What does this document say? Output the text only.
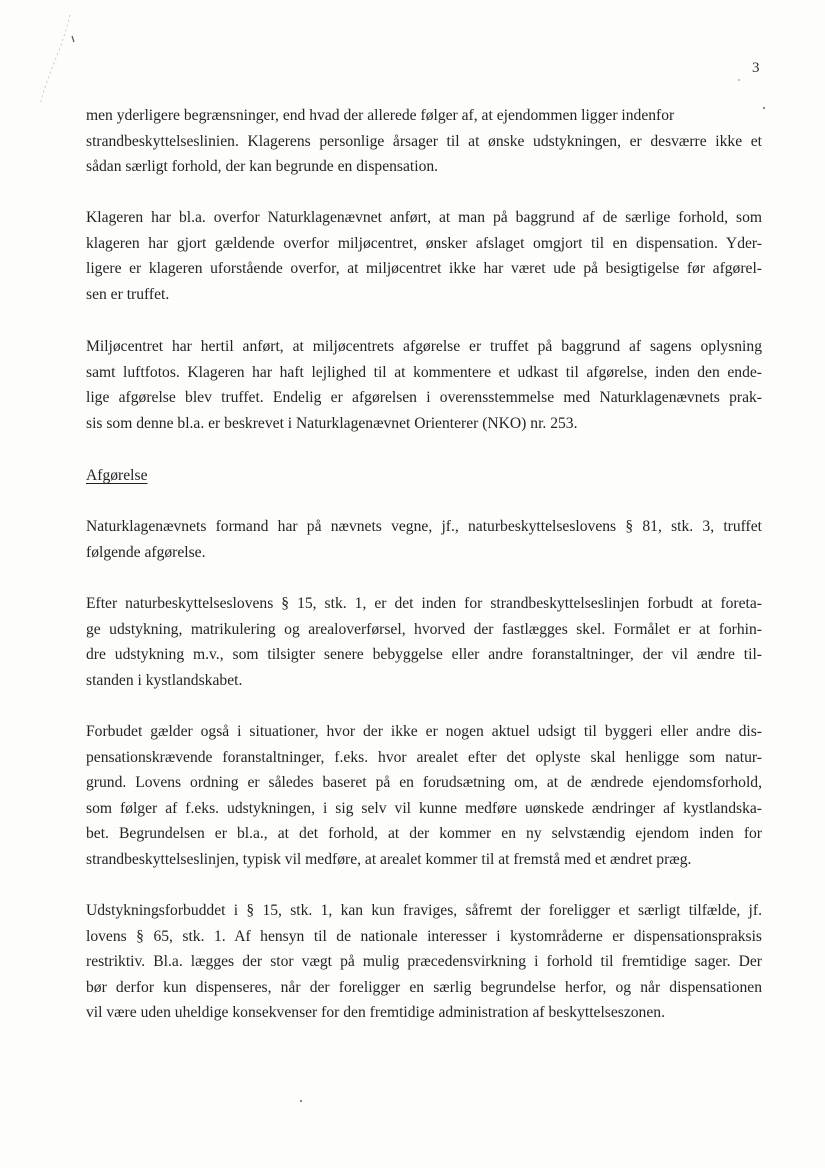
3
men yderligere begrænsninger, end hvad der allerede følger af, at ejendommen ligger indenfor
strandbeskyttelseslinien. Klagerens personlige årsager til at ønske udstykningen, er desværre ikke et
sådan særligt forhold, der kan begrunde en dispensation.
Klageren har bl.a. overfor Naturklagenævnet anført, at man på baggrund af de særlige forhold, som
klageren har gjort gældende overfor miljøcentret, ønsker afslaget omgjort til en dispensation. Yder-
ligere er klageren uforstående overfor, at miljøcentret ikke har været ude på besigtigelse før afgørel-
sen er truffet.
Miljøcentret har hertil anført, at miljøcentrets afgørelse er truffet på baggrund af sagens oplysning
samt luftfotos. Klageren har haft lejlighed til at kommentere et udkast til afgørelse, inden den ende-
lige afgørelse blev truffet. Endelig er afgørelsen i overensstemmelse med Naturklagenævnets prak-
sis som denne bl.a. er beskrevet i Naturklagenævnet Orienterer (NKO) nr. 253.
Afgørelse
Naturklagenævnets formand har på nævnets vegne, jf., naturbeskyttelseslovens § 81, stk. 3, truffet
følgende afgørelse.
Efter naturbeskyttelseslovens § 15, stk. 1, er det inden for strandbeskyttelseslinjen forbudt at foreta-
ge udstykning, matrikulering og arealoverførsel, hvorved der fastlægges skel. Formålet er at forhin-
dre udstykning m.v., som tilsigter senere bebyggelse eller andre foranstaltninger, der vil ændre til-
standen i kystlandskabet.
Forbudet gælder også i situationer, hvor der ikke er nogen aktuel udsigt til byggeri eller andre dis-
pensationskrævende foranstaltninger, f.eks. hvor arealet efter det oplyste skal henligge som natur-
grund. Lovens ordning er således baseret på en forudsætning om, at de ændrede ejendomsforhold,
som følger af f.eks. udstykningen, i sig selv vil kunne medføre uønskede ændringer af kystlandska-
bet. Begrundelsen er bl.a., at det forhold, at der kommer en ny selvstændig ejendom inden for
strandbeskyttelseslinjen, typisk vil medføre, at arealet kommer til at fremstå med et ændret præg.
Udstykningsforbuddet i § 15, stk. 1, kan kun fraviges, såfremt der foreligger et særligt tilfælde, jf.
lovens § 65, stk. 1. Af hensyn til de nationale interesser i kystområderne er dispensationspraksis
restriktiv. Bl.a. lægges der stor vægt på mulig præcedensvirkning i forhold til fremtidige sager. Der
bør derfor kun dispenseres, når der foreligger en særlig begrundelse herfor, og når dispensationen
vil være uden uheldige konsekvenser for den fremtidige administration af beskyttelseszonen.
